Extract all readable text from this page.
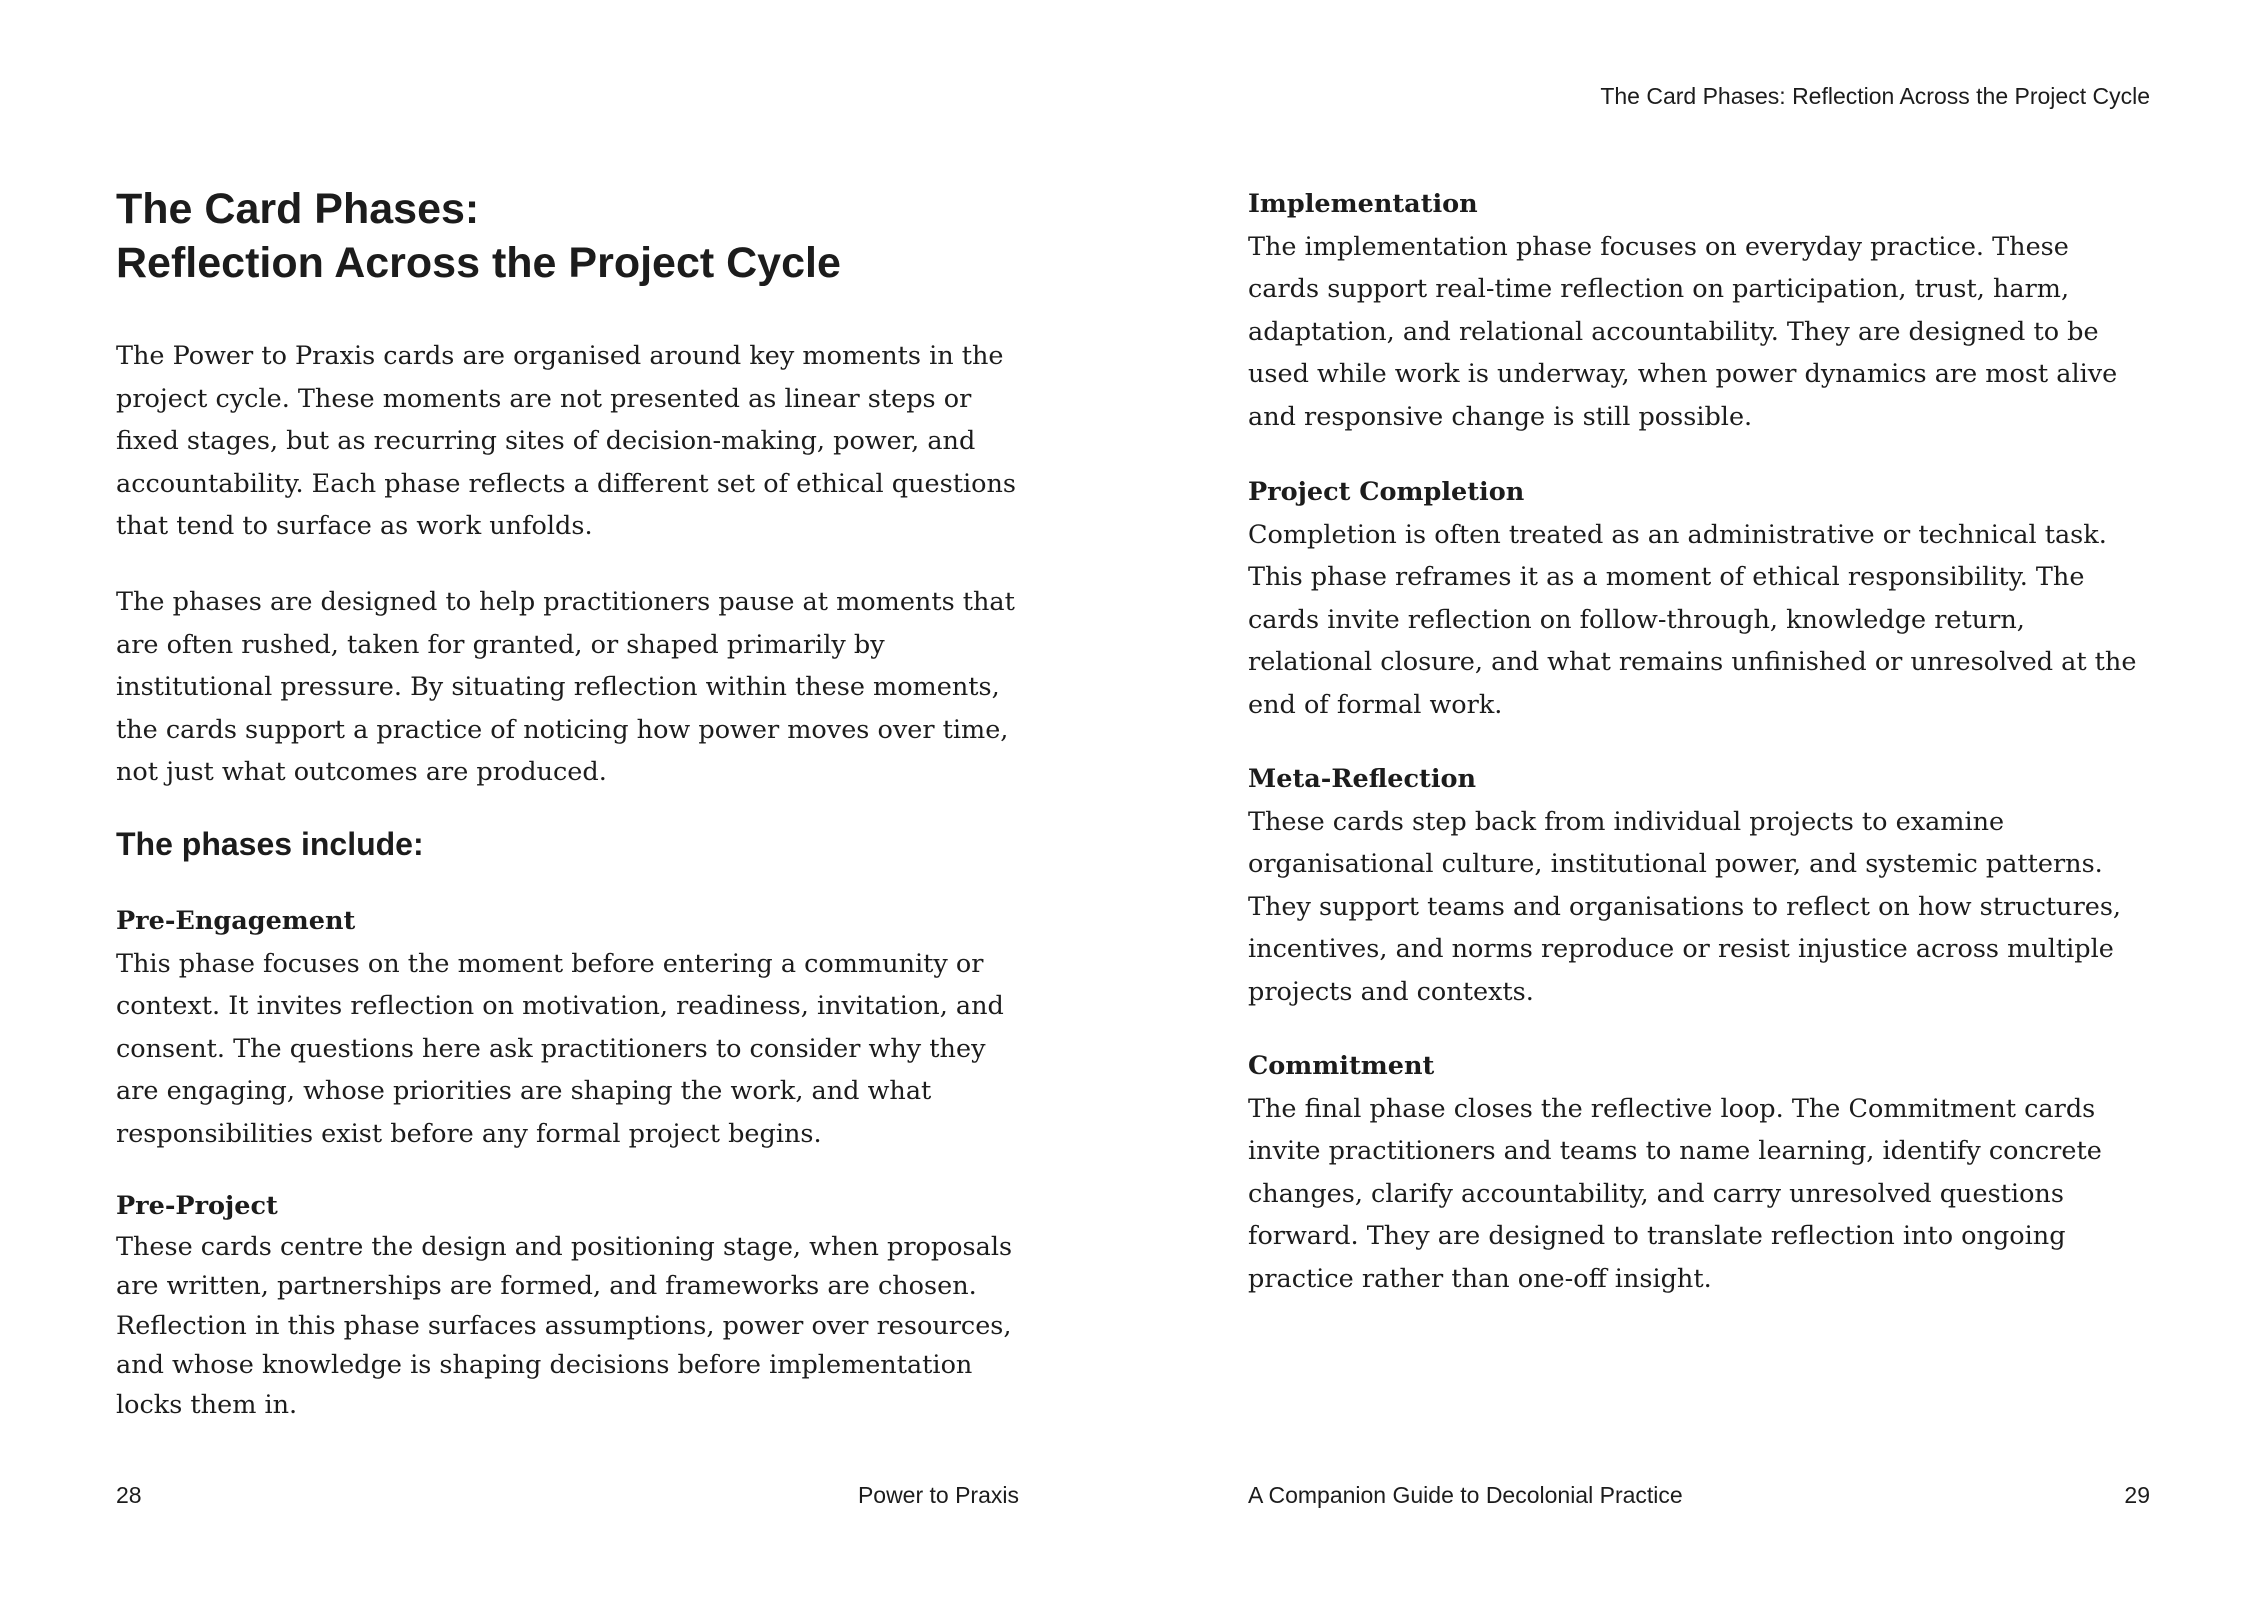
The Card Phases: Reflection Across the Project Cycle
The Card Phases:
Reflection Across the Project Cycle
The Power to Praxis cards are organised around key moments in the
project cycle. These moments are not presented as linear steps or
fixed stages, but as recurring sites of decision-making, power, and
accountability. Each phase reflects a different set of ethical questions
that tend to surface as work unfolds.
The phases are designed to help practitioners pause at moments that
are often rushed, taken for granted, or shaped primarily by
institutional pressure. By situating reflection within these moments,
the cards support a practice of noticing how power moves over time,
not just what outcomes are produced.
The phases include:
Pre-Engagement
This phase focuses on the moment before entering a community or
context. It invites reflection on motivation, readiness, invitation, and
consent. The questions here ask practitioners to consider why they
are engaging, whose priorities are shaping the work, and what
responsibilities exist before any formal project begins.
Pre-Project
These cards centre the design and positioning stage, when proposals
are written, partnerships are formed, and frameworks are chosen.
Reflection in this phase surfaces assumptions, power over resources,
and whose knowledge is shaping decisions before implementation
locks them in.
Implementation
The implementation phase focuses on everyday practice. These
cards support real-time reflection on participation, trust, harm,
adaptation, and relational accountability. They are designed to be
used while work is underway, when power dynamics are most alive
and responsive change is still possible.
Project Completion
Completion is often treated as an administrative or technical task.
This phase reframes it as a moment of ethical responsibility. The
cards invite reflection on follow-through, knowledge return,
relational closure, and what remains unfinished or unresolved at the
end of formal work.
Meta-Reflection
These cards step back from individual projects to examine
organisational culture, institutional power, and systemic patterns.
They support teams and organisations to reflect on how structures,
incentives, and norms reproduce or resist injustice across multiple
projects and contexts.
Commitment
The final phase closes the reflective loop. The Commitment cards
invite practitioners and teams to name learning, identify concrete
changes, clarify accountability, and carry unresolved questions
forward. They are designed to translate reflection into ongoing
practice rather than one-off insight.
28	Power to Praxis	A Companion Guide to Decolonial Practice	29
